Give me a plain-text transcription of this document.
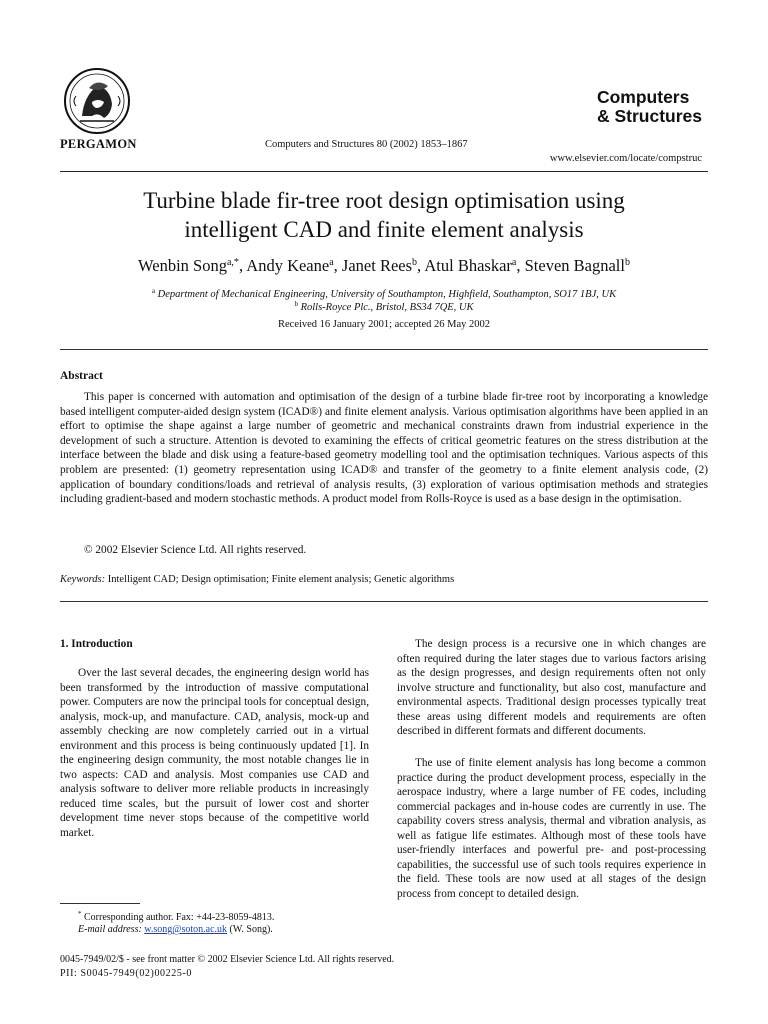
PERGAMON	Computers and Structures 80 (2002) 1853–1867
Computers
& Structures
www.elsevier.com/locate/compstruc
Turbine blade fir-tree root design optimisation using
intelligent CAD and finite element analysis
Wenbin Song$^{a,*}$, Andy Keane$^a$, Janet Rees$^b$, Atul Bhaskar$^a$, Steven Bagnall$^b$
$^a$ Department of Mechanical Engineering, University of Southampton, Highfield, Southampton, SO17 1BJ, UK
$^b$ Rolls-Royce Plc., Bristol, BS34 7QE, UK
Received 16 January 2001; accepted 26 May 2002
Abstract
This paper is concerned with automation and optimisation of the design of a turbine blade fir-tree root by incorporating a knowledge based intelligent computer-aided design system (ICAD®) and finite element analysis. Various optimisation algorithms have been applied in an effort to optimise the shape against a large number of geometric and mechanical constraints drawn from industrial experience in the development of such a structure. Attention is devoted to examining the effects of critical geometric features on the stress distribution at the interface between the blade and disk using a feature-based geometry modelling tool and the optimisation techniques. Various aspects of this problem are presented: (1) geometry representation using ICAD® and transfer of the geometry to a finite element analysis code, (2) application of boundary conditions/loads and retrieval of analysis results, (3) exploration of various optimisation methods and strategies including gradient-based and modern stochastic methods. A product model from Rolls-Royce is used as a base design in the optimisation.
© 2002 Elsevier Science Ltd. All rights reserved.
Keywords: Intelligent CAD; Design optimisation; Finite element analysis; Genetic algorithms
1. Introduction
Over the last several decades, the engineering design world has been transformed by the introduction of massive computational power. Computers are now the principal tools for conceptual design, analysis, mock-up, and manufacture. CAD, analysis, mock-up and assembly checking are now completely carried out in a virtual environment and this process is being continuously updated [1]. In the engineering design community, the most notable changes lie in two aspects: CAD and analysis. Most companies use CAD and analysis software to deliver more reliable products in increasingly reduced time scales, but the pursuit of lower cost and shorter development time never stops because of the competitive world market.
The design process is a recursive one in which changes are often required during the later stages due to various factors arising as the design progresses, and design requirements often not only involve structure and functionality, but also cost, manufacture and environmental aspects. Traditional design processes typically treat these areas using different models and requirements are often described in different formats and different documents.
The use of finite element analysis has long become a common practice during the product development process, especially in the aerospace industry, where a large number of FE codes, including commercial packages and in-house codes are currently in use. The capability covers stress analysis, thermal and vibration analysis, as well as fatigue life estimates. Although most of these tools have user-friendly interfaces and powerful pre- and post-processing capabilities, the successful use of such tools requires experience in the field. These tools are now used at all stages of the design process from concept to detailed design.
* Corresponding author. Fax: +44-23-8059-4813.
E-mail address: w.song@soton.ac.uk (W. Song).
0045-7949/02/$ - see front matter © 2002 Elsevier Science Ltd. All rights reserved.
PII: S0045-7949(02)00225-0
